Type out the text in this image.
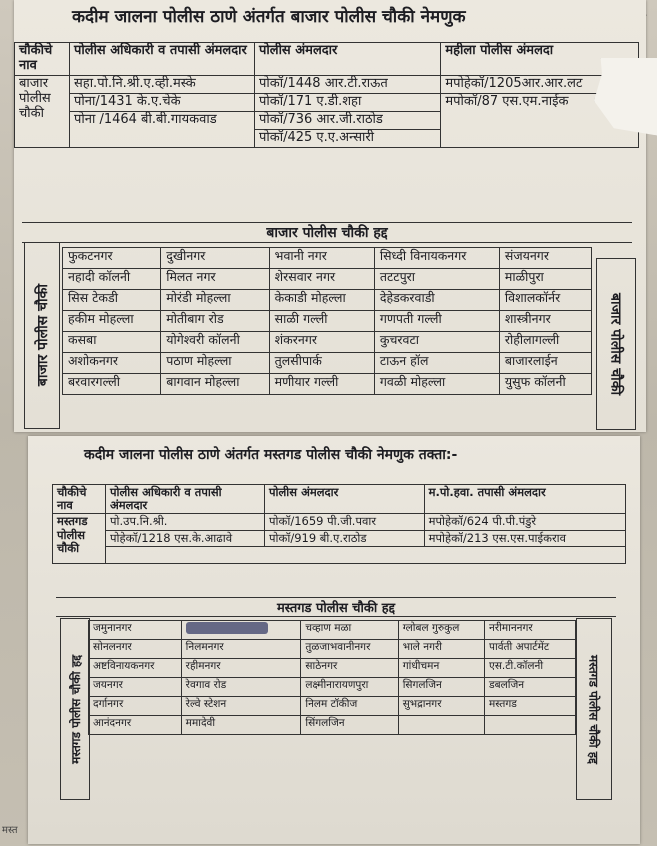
मस्त
कदीम जालना पोलीस ठाणे अंतर्गत बाजार पोलीस चौकी नेमणुक
चौकीचे नाव	पोलीस अधिकारी व तपासी अंमलदार	पोलीस अंमलदार	महीला पोलीस अंमलदा
बाजार पोलीस चौकी	सहा.पो.नि.श्री.ए.व्ही.मस्के	पोकॉ/1448 आर.टी.राऊत	मपोहेकॉ/1205आर.आर.लट
	पोना/1431 के.ए.चेके	पोकॉ/171 ए.डी.शहा	मपोकॉ/87 एस.एम.नाईक
	पोना /1464 बी.बी.गायकवाड	पोकॉ/736 आर.जी.राठोड	
		पोकॉ/425 ए.ए.अन्सारी	
बाजार पोलीस चौकी हद्द
बाजार पोलीस चौकी	बाजार पोलीस चौकी
फुकटनगर	दुखीनगर	भवानी नगर	सिध्दी विनायकनगर	संजयनगर
नहादी कॉलनी	मिलत नगर	शेरसवार नगर	तटटपुरा	माळीपुरा
सिस टेकडी	मोरंडी मोहल्ला	केकाडी मोहल्ला	देहेडकरवाडी	विशालकॉर्नर
हकीम मोहल्ला	मोतीबाग रोड	साळी गल्ली	गणपती गल्ली	शास्त्रीनगर
कसबा	योगेश्वरी कॉलनी	शंकरनगर	कुचरवटा	रोहीलागल्ली
अशोकनगर	पठाण मोहल्ला	तुलसीपार्क	टाऊन हॉल	बाजारलाईन
बरवारगल्ली	बागवान मोहल्ला	मणीयार गल्ली	गवळी मोहल्ला	युसुफ कॉलनी
कदीम जालना पोलीस ठाणे अंतर्गत मस्तगड पोलीस चौकी नेमणुक तक्ता:-
चौकीचे नाव	पोलीस अधिकारी व तपासी अंमलदार	पोलीस अंमलदार	म.पो.हवा. तपासी अंमलदार
मस्तगड पोलीस चौकी	पो.उप.नि.श्री.	पोकॉ/1659 पी.जी.पवार	मपोहेकॉ/624 पी.पी.पंडुरे
	पोहेकॉ/1218 एस.के.आढावे	पोकॉ/919 बी.ए.राठोड	मपोहेकॉ/213 एस.एस.पाईकराव

मस्तगड पोलीस चौकी हद्द
मस्तगड पोलीस चौकी हद्द	मस्तगड पोलीस चौकी हद्द
जमुनानगर		चव्हाण मळा	ग्लोबल गुरुकुल	नरीमाननगर
सोनलनगर	निलमनगर	तुळजाभवानीनगर	भाले नगरी	पार्वती अपार्टमेंट
अष्टविनायकनगर	रहीमनगर	साठेनगर	गांधीचमन	एस.टी.कॉलनी
जयनगर	रेवगाव रोड	लक्ष्मीनारायणपुरा	सिगलजिन	डबलजिन
दर्गानगर	रेल्वे स्टेशन	निलम टॉकीज	सुभद्रानगर	मस्तगड
आनंदनगर	ममादेवी	सिंगलजिन		
